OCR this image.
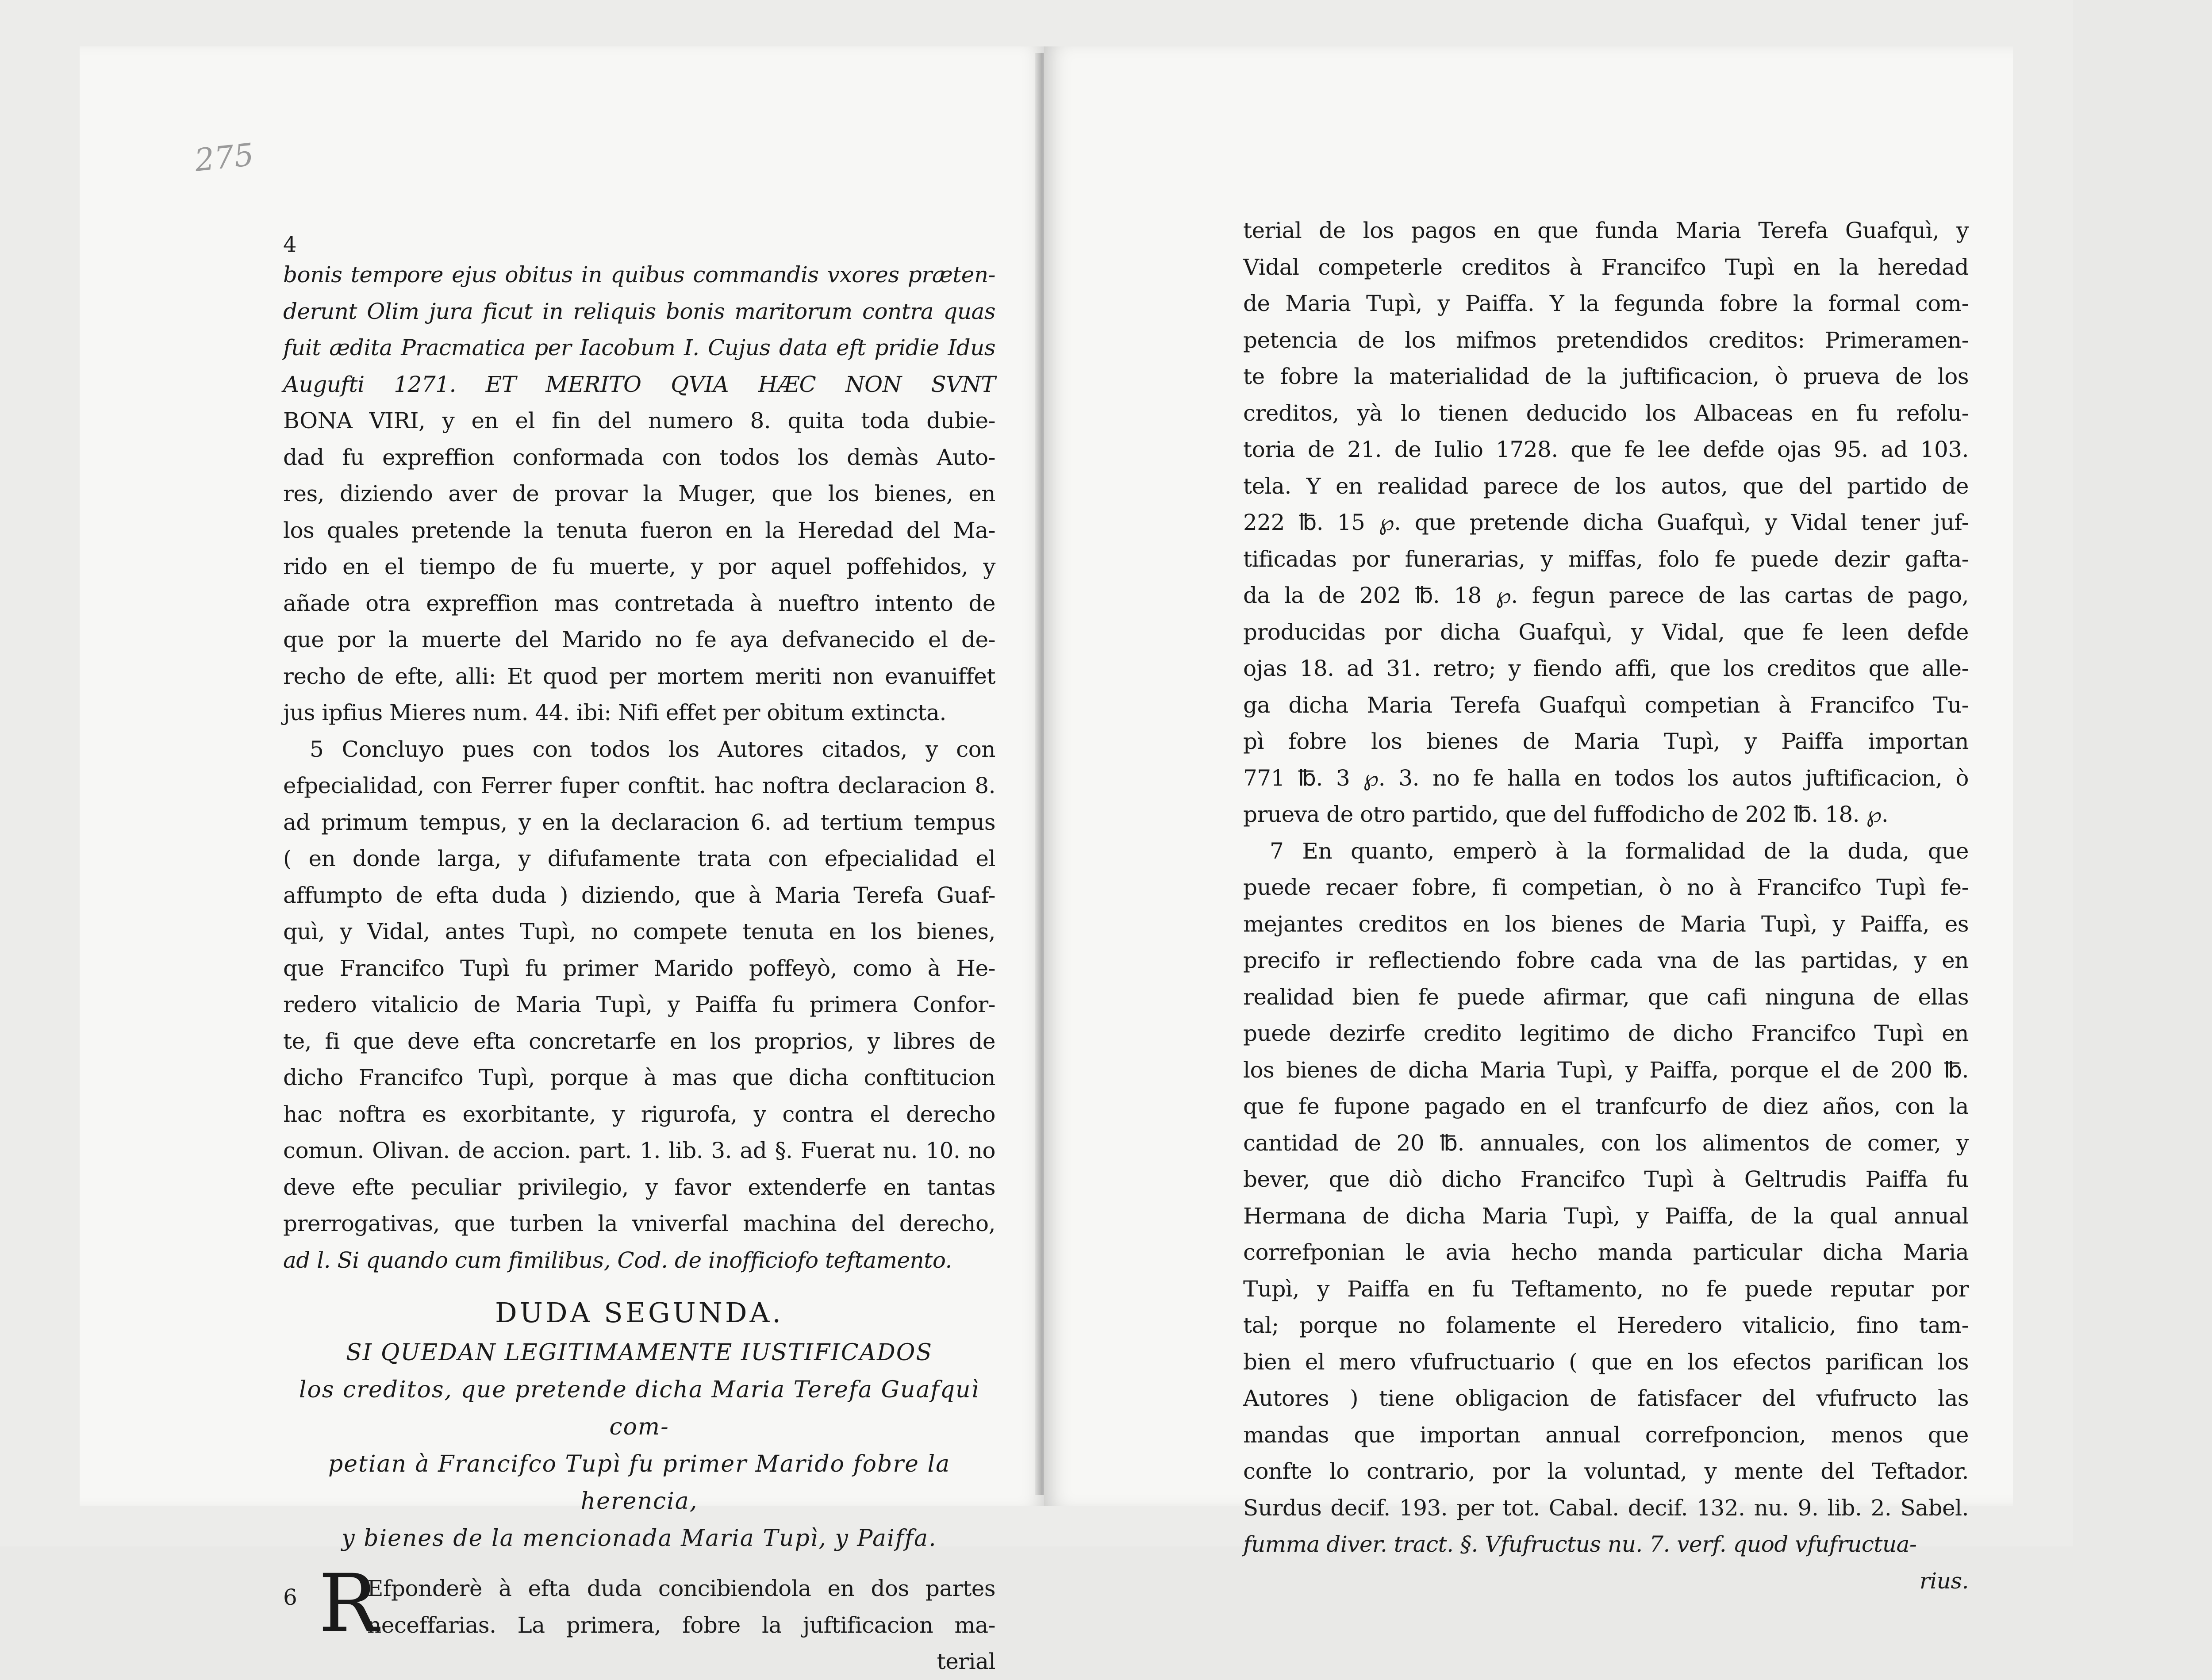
275
4
bonis tempore ejus obitus in quibus commandis vxores præten-
derunt Olim jura ficut in reliquis bonis maritorum contra quas
fuit ædita Pracmatica per Iacobum I. Cujus data eft pridie Idus
Augufti 1271. ET MERITO QVIA HÆC NON SVNT
BONA VIRI, y en el fin del numero 8. quita toda dubie-
dad fu expreffion conformada con todos los demàs Auto-
res, diziendo aver de provar la Muger, que los bienes, en
los quales pretende la tenuta fueron en la Heredad del Ma-
rido en el tiempo de fu muerte, y por aquel poffehidos, y
añade otra expreffion mas contretada à nueftro intento de
que por la muerte del Marido no fe aya defvanecido el de-
recho de efte, alli: Et quod per mortem meriti non evanuiffet
jus ipfius Mieres num. 44. ibi: Nifi effet per obitum extincta.
5 Concluyo pues con todos los Autores citados, y con
efpecialidad, con Ferrer fuper conftit. hac noftra declaracion 8.
ad primum tempus, y en la declaracion 6. ad tertium tempus
( en donde larga, y difufamente trata con efpecialidad el
affumpto de efta duda ) diziendo, que à Maria Terefa Guaf-
quì, y Vidal, antes Tupì, no compete tenuta en los bienes,
que Francifco Tupì fu primer Marido poffeyò, como à He-
redero vitalicio de Maria Tupì, y Paiffa fu primera Confor-
te, fi que deve efta concretarfe en los proprios, y libres de
dicho Francifco Tupì, porque à mas que dicha conftitucion
hac noftra es exorbitante, y rigurofa, y contra el derecho
comun. Olivan. de accion. part. 1. lib. 3. ad §. Fuerat nu. 10. no
deve efte peculiar privilegio, y favor extenderfe en tantas
prerrogativas, que turben la vniverfal machina del derecho,
ad l. Si quando cum fimilibus, Cod. de inofficiofo teftamento.
DUDA SEGUNDA.
SI QUEDAN LEGITIMAMENTE IUSTIFICADOS
los creditos, que pretende dicha Maria Terefa Guafquì com-
petian à Francifco Tupì fu primer Marido fobre la herencia,
y bienes de la mencionada Maria Tupì, y Paiffa.
6 R
Efponderè à efta duda concibiendola en dos partes
neceffarias. La primera, fobre la juftificacion ma-
terial
terial de los pagos en que funda Maria Terefa Guafquì, y
Vidal competerle creditos à Francifco Tupì en la heredad
de Maria Tupì, y Paiffa. Y la fegunda fobre la formal com-
petencia de los mifmos pretendidos creditos: Primeramen-
te fobre la materialidad de la juftificacion, ò prueva de los
creditos, yà lo tienen deducido los Albaceas en fu refolu-
toria de 21. de Iulio 1728. que fe lee defde ojas 95. ad 103.
tela. Y en realidad parece de los autos, que del partido de
222 ℔. 15 ℘. que pretende dicha Guafquì, y Vidal tener juf-
tificadas por funerarias, y miffas, folo fe puede dezir gafta-
da la de 202 ℔. 18 ℘. fegun parece de las cartas de pago,
producidas por dicha Guafquì, y Vidal, que fe leen defde
ojas 18. ad 31. retro; y fiendo affi, que los creditos que alle-
ga dicha Maria Terefa Guafquì competian à Francifco Tu-
pì fobre los bienes de Maria Tupì, y Paiffa importan
771 ℔. 3 ℘. 3. no fe halla en todos los autos juftificacion, ò
prueva de otro partido, que del fuffodicho de 202 ℔. 18. ℘.
7 En quanto, emperò à la formalidad de la duda, que
puede recaer fobre, fi competian, ò no à Francifco Tupì fe-
mejantes creditos en los bienes de Maria Tupì, y Paiffa, es
precifo ir reflectiendo fobre cada vna de las partidas, y en
realidad bien fe puede afirmar, que cafi ninguna de ellas
puede dezirfe credito legitimo de dicho Francifco Tupì en
los bienes de dicha Maria Tupì, y Paiffa, porque el de 200 ℔.
que fe fupone pagado en el tranfcurfo de diez años, con la
cantidad de 20 ℔. annuales, con los alimentos de comer, y
bever, que diò dicho Francifco Tupì à Geltrudis Paiffa fu
Hermana de dicha Maria Tupì, y Paiffa, de la qual annual
correfponian le avia hecho manda particular dicha Maria
Tupì, y Paiffa en fu Teftamento, no fe puede reputar por
tal; porque no folamente el Heredero vitalicio, fino tam-
bien el mero vfufructuario ( que en los efectos parifican los
Autores ) tiene obligacion de fatisfacer del vfufructo las
mandas que importan annual correfponcion, menos que
confte lo contrario, por la voluntad, y mente del Teftador.
Surdus decif. 193. per tot. Cabal. decif. 132. nu. 9. lib. 2. Sabel.
fumma diver. tract. §. Vfufructus nu. 7. verf. quod vfufructua-
rius.
